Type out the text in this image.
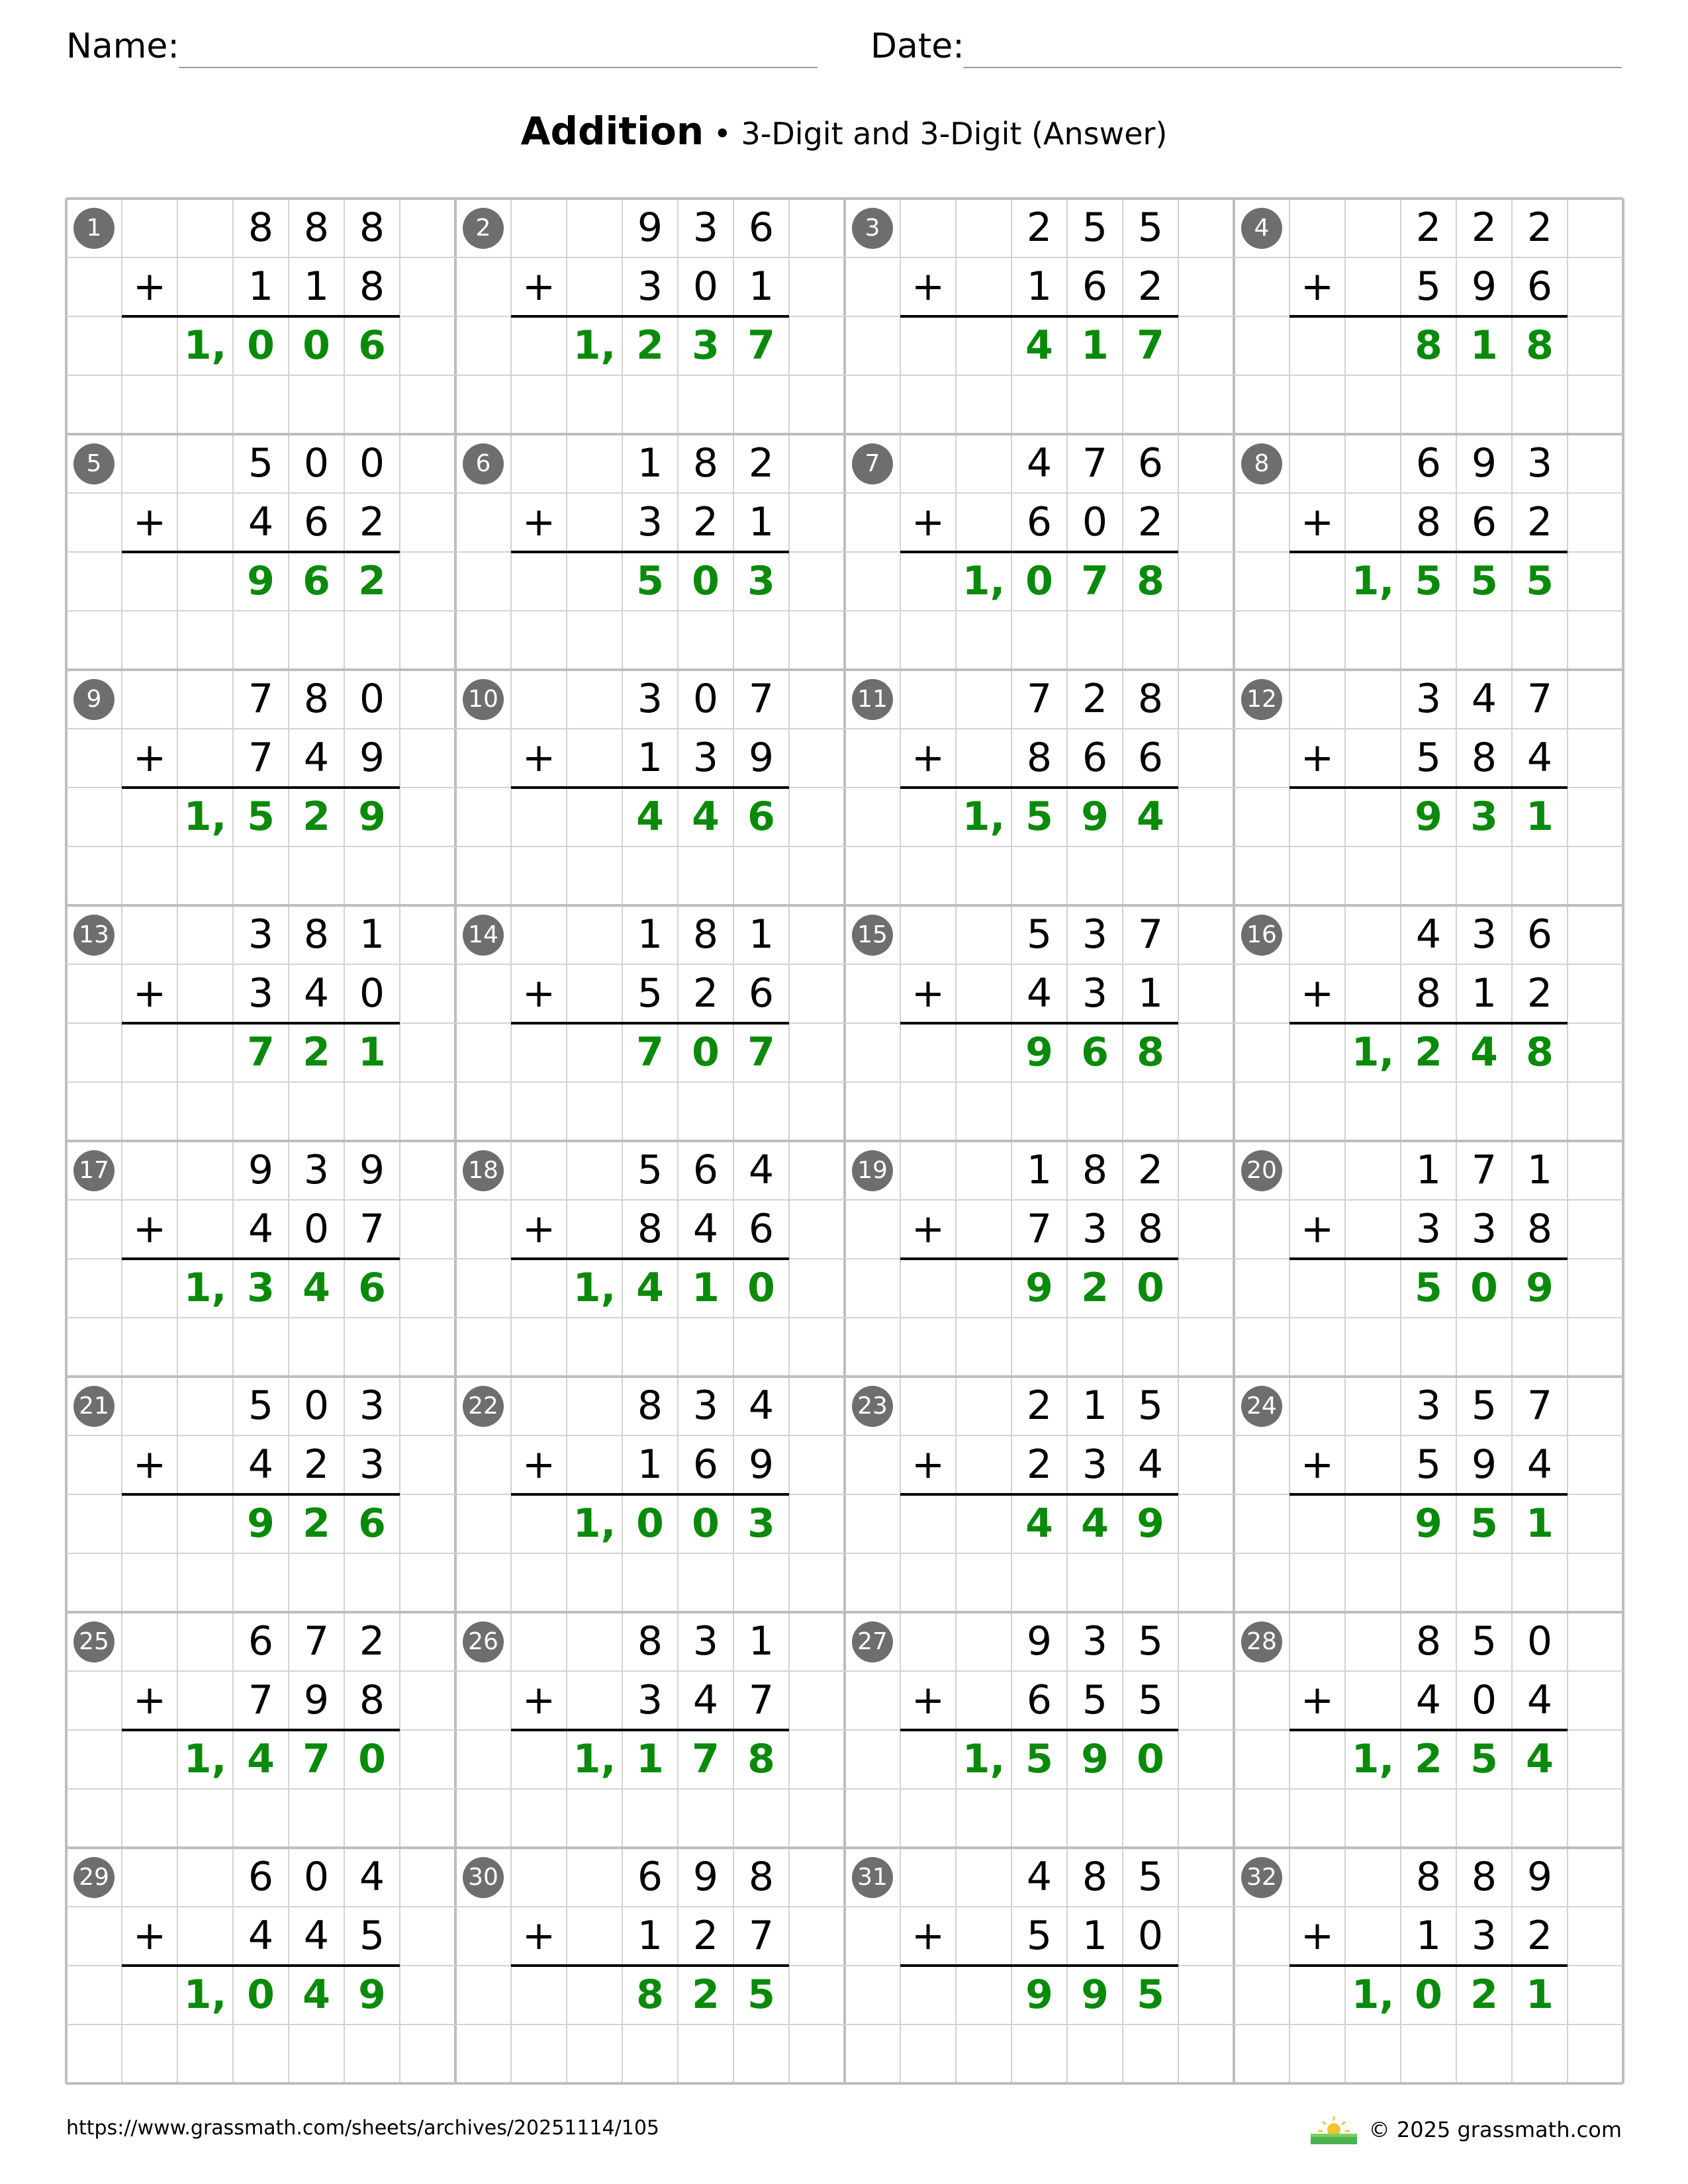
Name:	Date:
Addition • 3-Digit and 3-Digit (Answer)
1	8 8 8
+	1 1 8
1, 0 0 6
2	9 3 6
+	3 0 1
1, 2 3 7
3	2 5 5
+	1 6 2
4 1 7
4	2 2 2
+	5 9 6
8 1 8
5	5 0 0
+	4 6 2
9 6 2
6	1 8 2
+	3 2 1
5 0 3
7	4 7 6
+	6 0 2
1, 0 7 8
8	6 9 3
+	8 6 2
1, 5 5 5
9	7 8 0
+	7 4 9
1, 5 2 9
10	3 0 7
+	1 3 9
4 4 6
11	7 2 8
+	8 6 6
1, 5 9 4
12	3 4 7
+	5 8 4
9 3 1
13	3 8 1
+	3 4 0
7 2 1
14	1 8 1
+	5 2 6
7 0 7
15	5 3 7
+	4 3 1
9 6 8
16	4 3 6
+	8 1 2
1, 2 4 8
17	9 3 9
+	4 0 7
1, 3 4 6
18	5 6 4
+	8 4 6
1, 4 1 0
19	1 8 2
+	7 3 8
9 2 0
20	1 7 1
+	3 3 8
5 0 9
21	5 0 3
+	4 2 3
9 2 6
22	8 3 4
+	1 6 9
1, 0 0 3
23	2 1 5
+	2 3 4
4 4 9
24	3 5 7
+	5 9 4
9 5 1
25	6 7 2
+	7 9 8
1, 4 7 0
26	8 3 1
+	3 4 7
1, 1 7 8
27	9 3 5
+	6 5 5
1, 5 9 0
28	8 5 0
+	4 0 4
1, 2 5 4
29	6 0 4
+	4 4 5
1, 0 4 9
30	6 9 8
+	1 2 7
8 2 5
31	4 8 5
+	5 1 0
9 9 5
32	8 8 9
+	1 3 2
1, 0 2 1
https://www.grassmath.com/sheets/archives/20251114/105	© 2025 grassmath.com
